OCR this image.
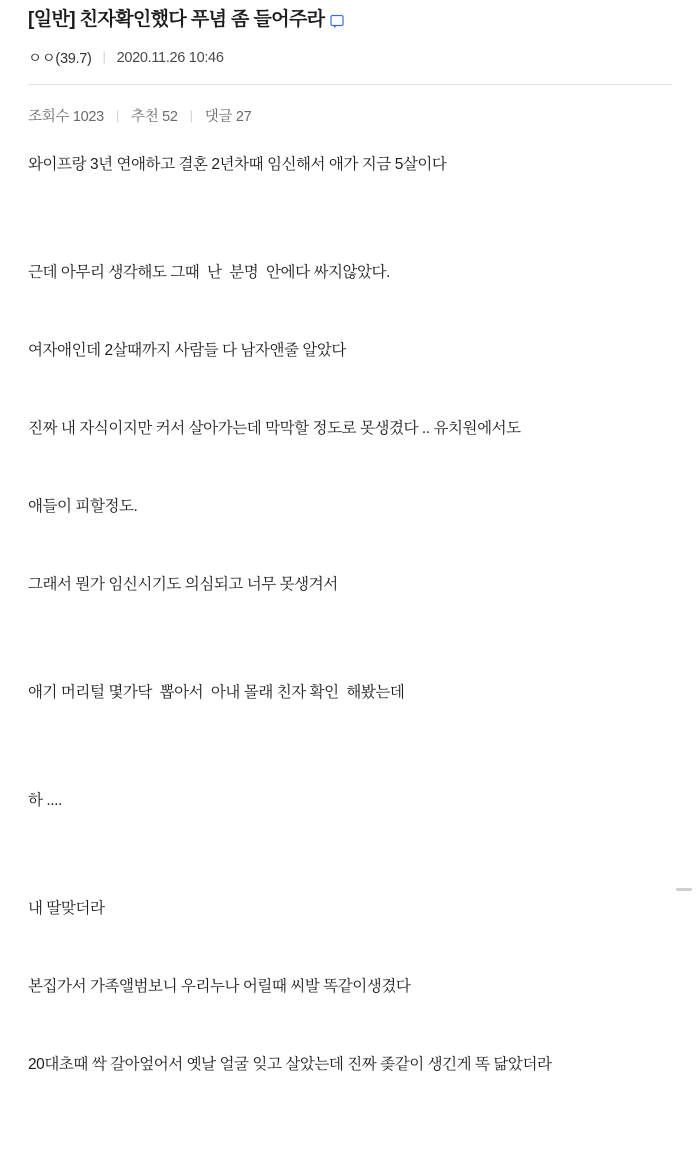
[일반] 친자확인했다 푸념 좀 들어주라
ㅇㅇ(39.7) | 2020.11.26 10:46
조회수 1023 | 추천 52 | 댓글 27
와이프랑 3년 연애하고 결혼 2년차때 임신해서 애가 지금 5살이다
근데 아무리 생각해도 그때  난  분명  안에다 싸지않았다.
여자애인데 2살때까지 사람들 다 남자앤줄 알았다
진짜 내 자식이지만 커서 살아가는데 막막할 정도로 못생겼다 .. 유치원에서도
애들이 피할정도.
그래서 뭔가 임신시기도 의심되고 너무 못생겨서
애기 머리털 몇가닥  뽑아서  아내 몰래 친자 확인  해봤는데
하 ....
내 딸맞더라
본집가서 가족앨범보니 우리누나 어릴때 씨발 똑같이생겼다
20대초때 싹 갈아엎어서 옛날 얼굴 잊고 살았는데 진짜 좆같이 생긴게 똑 닮았더라
